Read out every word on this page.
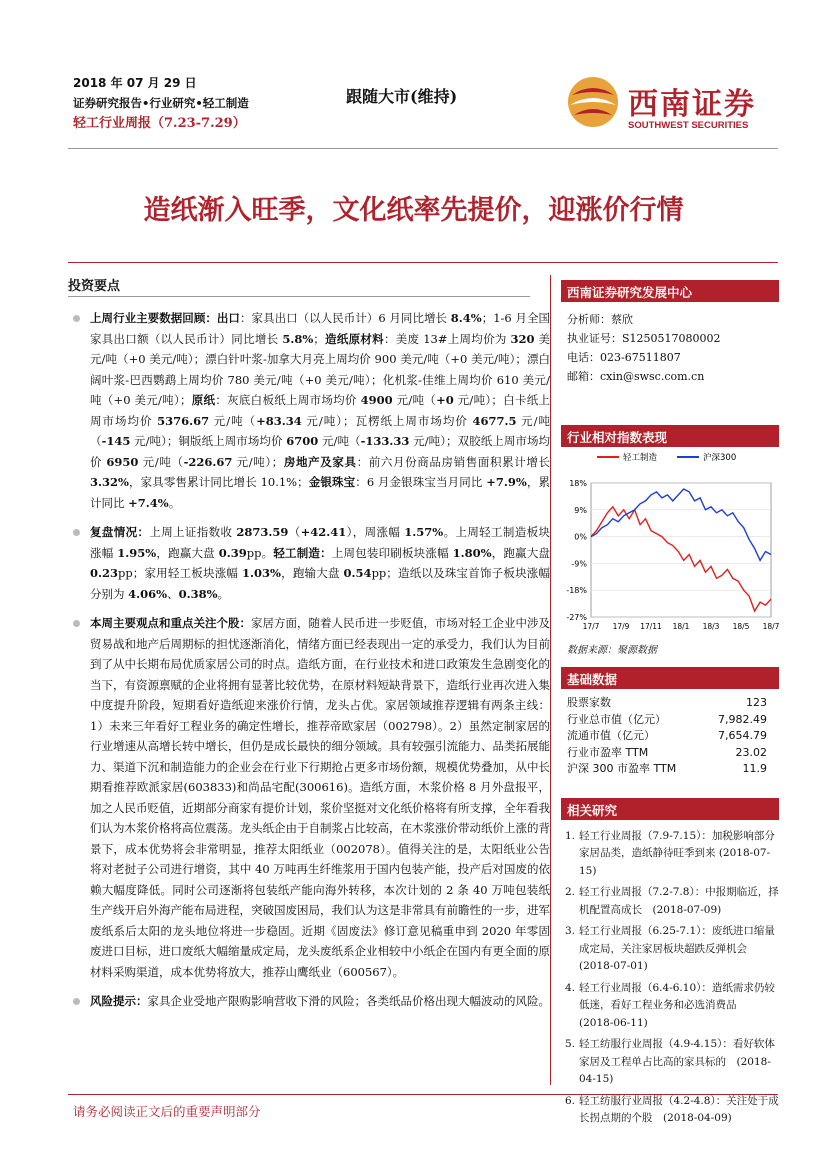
2018 年 07 月 29 日
证券研究报告•行业研究•轻工制造
轻工行业周报（7.23-7.29）
跟随大市(维持)	西南证券
SOUTHWEST SECURITIES
造纸渐入旺季，文化纸率先提价，迎涨价行情
投资要点
上周行业主要数据回顾：出口：家具出口（以人民币计）6 月同比增长 8.4%；1-6 月全国家具出口额（以人民币计）同比增长 5.8%；造纸原材料：美废 13#上周均价为 320 美元/吨（+0 美元/吨）；漂白针叶浆-加拿大月亮上周均价 900 美元/吨（+0 美元/吨）；漂白阔叶浆-巴西鹦鹉上周均价 780 美元/吨（+0 美元/吨）；化机浆-佳维上周均价 610 美元/吨（+0 美元/吨）；原纸：灰底白板纸上周市场均价 4900 元/吨（+0 元/吨）；白卡纸上周市场均价 5376.67 元/吨（+83.34 元/吨）；瓦楞纸上周市场均价 4677.5 元/吨（-145 元/吨）；铜版纸上周市场均价 6700 元/吨（-133.33 元/吨）；双胶纸上周市场均价 6950 元/吨（-226.67 元/吨）；房地产及家具：前六月份商品房销售面积累计增长 3.32%，家具零售累计同比增长 10.1%；金银珠宝：6 月金银珠宝当月同比 +7.9%，累计同比 +7.4%。
复盘情况：上周上证指数收 2873.59（+42.41），周涨幅 1.57%。上周轻工制造板块涨幅 1.95%，跑赢大盘 0.39pp。轻工制造：上周包装印刷板块涨幅 1.80%，跑赢大盘 0.23pp；家用轻工板块涨幅 1.03%，跑输大盘 0.54pp；造纸以及珠宝首饰子板块涨幅分别为 4.06%、0.38%。
本周主要观点和重点关注个股：家居方面，随着人民币进一步贬值，市场对轻工企业中涉及贸易战和地产后周期标的担忧逐渐消化，情绪方面已经表现出一定的承受力，我们认为目前到了从中长期布局优质家居公司的时点。造纸方面，在行业技术和进口政策发生急剧变化的当下，有资源禀赋的企业将拥有显著比较优势，在原材料短缺背景下，造纸行业再次进入集中度提升阶段，短期看好造纸迎来涨价行情，龙头占优。家居领域推荐逻辑有两条主线：1）未来三年看好工程业务的确定性增长，推荐帝欧家居（002798）。2）虽然定制家居的行业增速从高增长转中增长，但仍是成长最快的细分领域。具有较强引流能力、品类拓展能力、渠道下沉和制造能力的企业会在行业下行期抢占更多市场份额，规模优势叠加，从中长期看推荐欧派家居(603833)和尚品宅配(300616)。造纸方面，木浆价格 8 月外盘报平，加之人民币贬值，近期部分商家有提价计划，浆价坚挺对文化纸价格将有所支撑，全年看我们认为木浆价格将高位震荡。龙头纸企由于自制浆占比较高，在木浆涨价带动纸价上涨的背景下，成本优势将会非常明显，推荐太阳纸业（002078）。值得关注的是，太阳纸业公告将对老挝子公司进行增资，其中 40 万吨再生纤维浆用于国内包装产能，投产后对国废的依赖大幅度降低。同时公司逐渐将包装纸产能向海外转移，本次计划的 2 条 40 万吨包装纸生产线开启外海产能布局进程，突破国废困局，我们认为这是非常具有前瞻性的一步，进军废纸系后太阳的龙头地位将进一步稳固。近期《固废法》修订意见稿重申到 2020 年零固废进口目标，进口废纸大幅缩量成定局，龙头废纸系企业相较中小纸企在国内有更全面的原材料采购渠道，成本优势将放大，推荐山鹰纸业（600567）。
风险提示：家具企业受地产限购影响营收下滑的风险；各类纸品价格出现大幅波动的风险。
西南证券研究发展中心
分析师：蔡欣
执业证号：S1250517080002
电话：023-67511807
邮箱：cxin@swsc.com.cn
行业相对指数表现
18%
9%
0%
-9%
-18%
-27%
17/7 17/9 17/11 18/1 18/3 18/5 18/7
轻工制造	沪深300
数据来源：聚源数据
基础数据
股票家数	123
行业总市值（亿元）	7,982.49
流通市值（亿元）	7,654.79
行业市盈率 TTM	23.02
沪深 300 市盈率 TTM	11.9
相关研究
1. 轻工行业周报（7.9-7.15）：加税影响部分家居品类，造纸静待旺季到来 (2018-07-15)
2. 轻工行业周报（7.2-7.8）：中报期临近，择机配置高成长　(2018-07-09)
3. 轻工行业周报（6.25-7.1）：废纸进口缩量成定局，关注家居板块超跌反弹机会　(2018-07-01)
4. 轻工行业周报（6.4-6.10）：造纸需求仍较低迷，看好工程业务和必选消费品　(2018-06-11)
5. 轻工纺服行业周报（4.9-4.15）：看好软体家居及工程单占比高的家具标的　(2018-04-15)
6. 轻工纺服行业周报（4.2-4.8）：关注处于成长拐点期的个股　(2018-04-09)
请务必阅读正文后的重要声明部分
